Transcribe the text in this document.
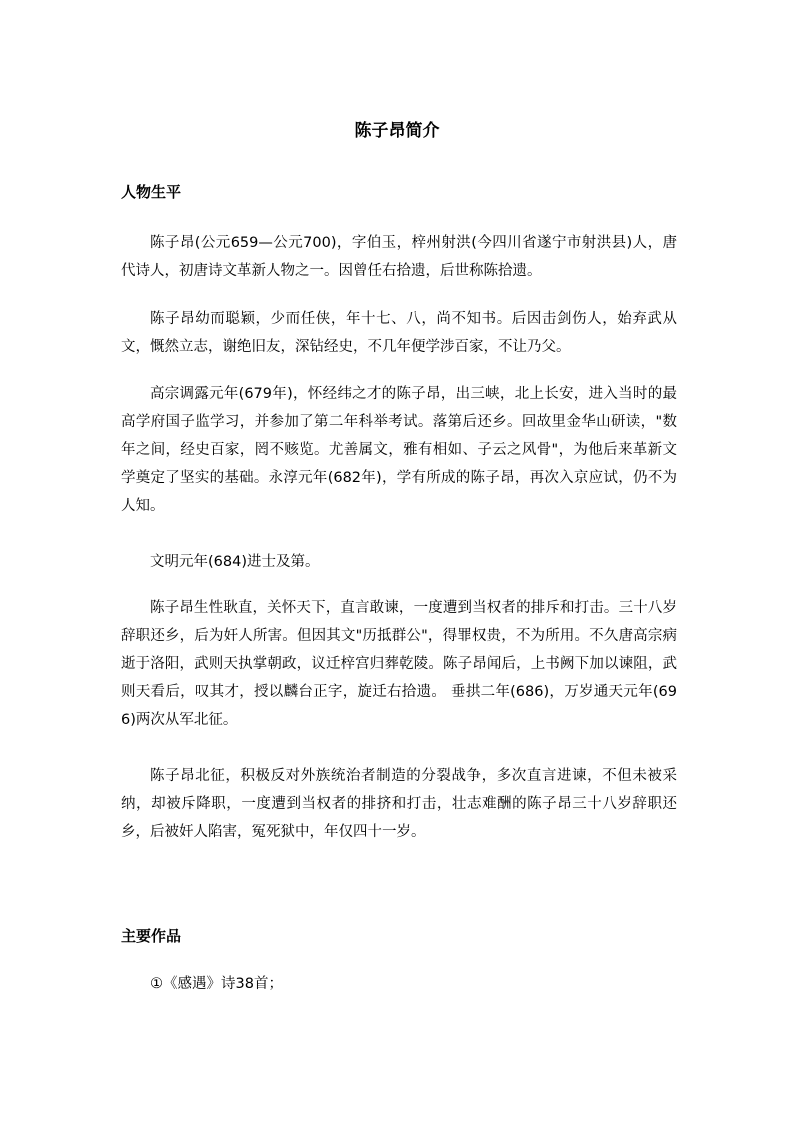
陈子昂简介
人物生平
陈子昂(公元659—公元700)，字伯玉，梓州射洪(今四川省遂宁市射洪县)人，唐代诗人，初唐诗文革新人物之一。因曾任右拾遗，后世称陈拾遗。
陈子昂幼而聪颖，少而任侠，年十七、八，尚不知书。后因击剑伤人，始弃武从文，慨然立志，谢绝旧友，深钻经史，不几年便学涉百家，不让乃父。
高宗调露元年(679年)，怀经纬之才的陈子昂，出三峡，北上长安，进入当时的最高学府国子监学习，并参加了第二年科举考试。落第后还乡。回故里金华山研读，"数年之间，经史百家，罔不赅览。尤善属文，雅有相如、子云之风骨"，为他后来革新文学奠定了坚实的基础。永淳元年(682年)，学有所成的陈子昂，再次入京应试，仍不为人知。
文明元年(684)进士及第。
陈子昂生性耿直，关怀天下，直言敢谏，一度遭到当权者的排斥和打击。三十八岁辞职还乡，后为奸人所害。但因其文"历抵群公"，得罪权贵，不为所用。不久唐高宗病逝于洛阳，武则天执掌朝政，议迁梓宫归葬乾陵。陈子昂闻后，上书阙下加以谏阻，武则天看后，叹其才，授以麟台正字，旋迁右拾遗。 垂拱二年(686)，万岁通天元年(696)两次从军北征。
陈子昂北征，积极反对外族统治者制造的分裂战争，多次直言进谏，不但未被采纳，却被斥降职，一度遭到当权者的排挤和打击，壮志难酬的陈子昂三十八岁辞职还乡，后被奸人陷害，冤死狱中，年仅四十一岁。
主要作品
①《感遇》诗38首；
